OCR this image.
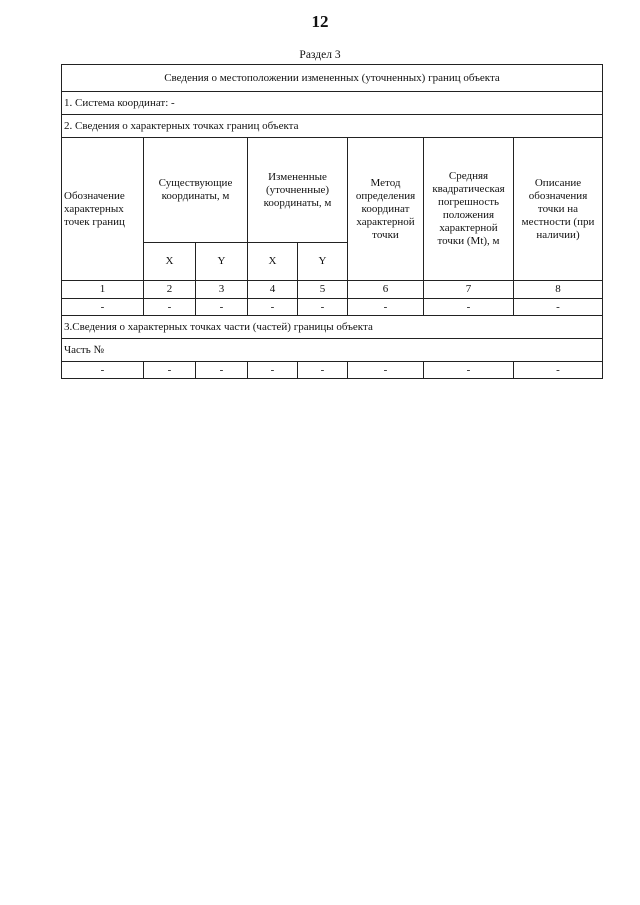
12
Раздел 3
Сведения о местоположении измененных (уточненных) границ объекта							
1. Система координат: -							
2. Сведения о характерных точках границ объекта							
Обозначение характерных точек границ	Существующие координаты, м		Измененные (уточненные) координаты, м		Метод определения координат характерной точки	Средняя квадратическая погрешность положения характерной точки (Mt), м	Описание обозначения точки на местности (при наличии)
	X	Y	X	Y			
1	2	3	4	5	6	7	8
-	-	-	-	-	-	-	-
3.Сведения о характерных точках части (частей) границы объекта							
Часть №							
-	-	-	-	-	-	-	-
